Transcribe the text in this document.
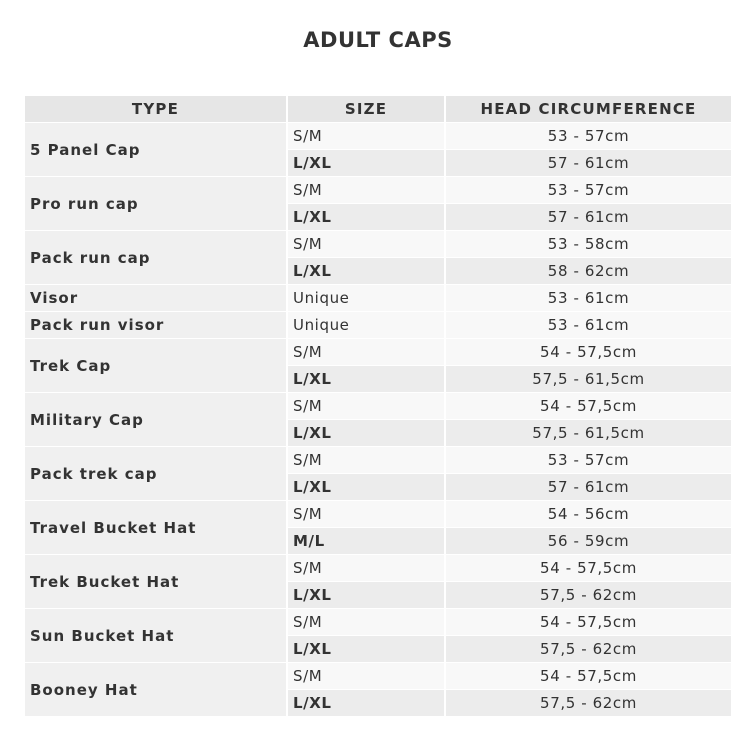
ADULT CAPS
TYPE	SIZE	HEAD CIRCUMFERENCE
5 Panel Cap	S/M	53 - 57cm
	L/XL	57 - 61cm
Pro run cap	S/M	53 - 57cm
	L/XL	57 - 61cm
Pack run cap	S/M	53 - 58cm
	L/XL	58 - 62cm
Visor	Unique	53 - 61cm
Pack run visor	Unique	53 - 61cm
Trek Cap	S/M	54 - 57,5cm
	L/XL	57,5 - 61,5cm
Military Cap	S/M	54 - 57,5cm
	L/XL	57,5 - 61,5cm
Pack trek cap	S/M	53 - 57cm
	L/XL	57 - 61cm
Travel Bucket Hat	S/M	54 - 56cm
	M/L	56 - 59cm
Trek Bucket Hat	S/M	54 - 57,5cm
	L/XL	57,5 - 62cm
Sun Bucket Hat	S/M	54 - 57,5cm
	L/XL	57,5 - 62cm
Booney Hat	S/M	54 - 57,5cm
	L/XL	57,5 - 62cm
